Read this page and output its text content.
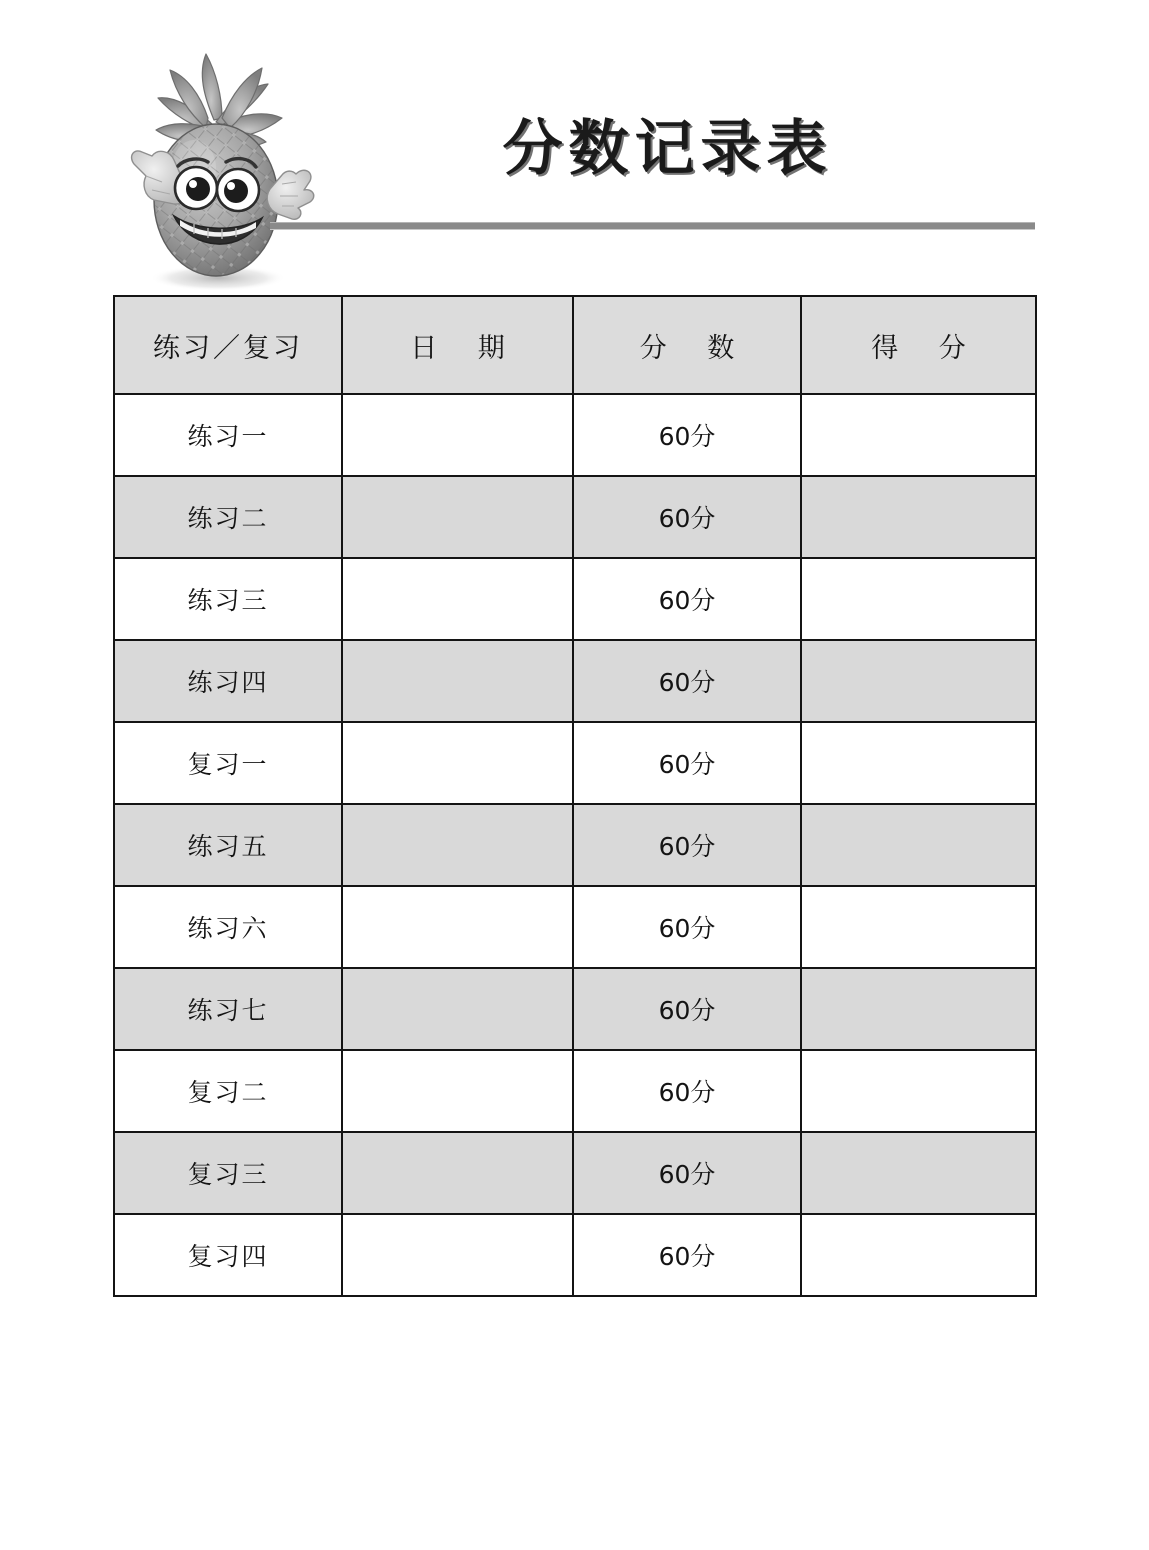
分数记录表
练习／复习	日 期	分 数	得 分
练习一		60分	
练习二		60分	
练习三		60分	
练习四		60分	
复习一		60分	
练习五		60分	
练习六		60分	
练习七		60分	
复习二		60分	
复习三		60分	
复习四		60分	
